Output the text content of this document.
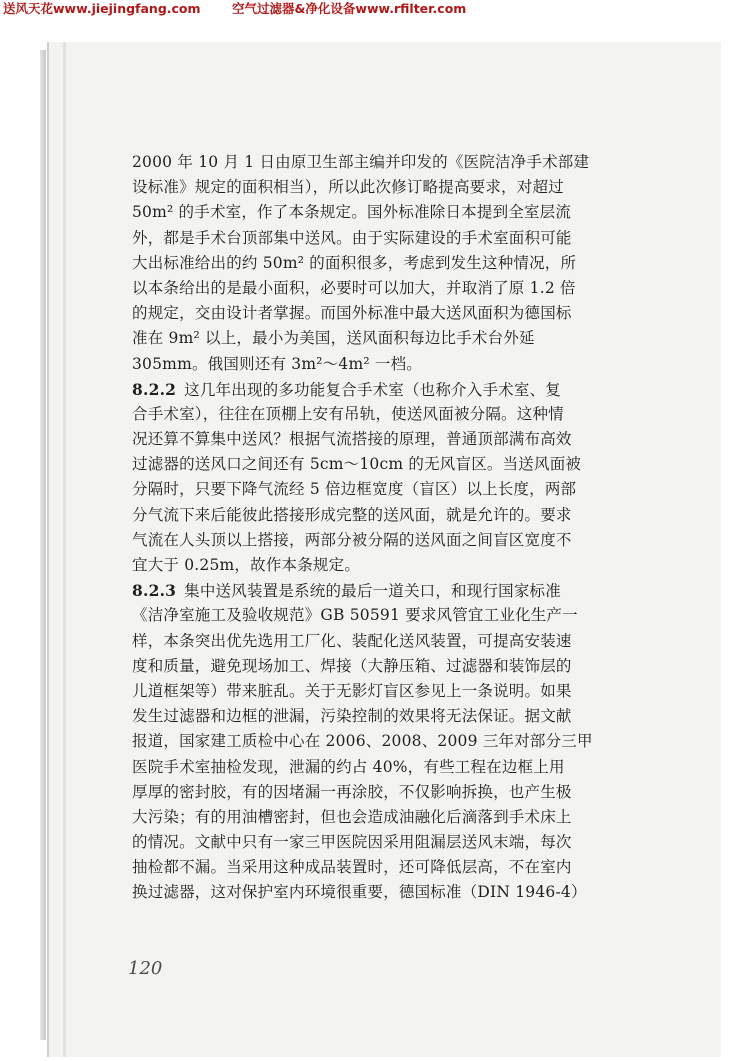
送风天花www.jiejingfang.com	空气过滤器&净化设备www.rfilter.com
2000 年 10 月 1 日由原卫生部主编并印发的《医院洁净手术部建
设标准》规定的面积相当），所以此次修订略提高要求，对超过
50m² 的手术室，作了本条规定。国外标准除日本提到全室层流
外，都是手术台顶部集中送风。由于实际建设的手术室面积可能
大出标准给出的约 50m² 的面积很多，考虑到发生这种情况，所
以本条给出的是最小面积，必要时可以加大，并取消了原 1.2 倍
的规定，交由设计者掌握。而国外标准中最大送风面积为德国标
准在 9m² 以上，最小为美国，送风面积每边比手术台外延
305mm。俄国则还有 3m²～4m² 一档。
8.2.2 这几年出现的多功能复合手术室（也称介入手术室、复
合手术室），往往在顶棚上安有吊轨，使送风面被分隔。这种情
况还算不算集中送风？根据气流搭接的原理，普通顶部满布高效
过滤器的送风口之间还有 5cm～10cm 的无风盲区。当送风面被
分隔时，只要下降气流经 5 倍边框宽度（盲区）以上长度，两部
分气流下来后能彼此搭接形成完整的送风面，就是允许的。要求
气流在人头顶以上搭接，两部分被分隔的送风面之间盲区宽度不
宜大于 0.25m，故作本条规定。
8.2.3 集中送风装置是系统的最后一道关口，和现行国家标准
《洁净室施工及验收规范》GB 50591 要求风管宜工业化生产一
样，本条突出优先选用工厂化、装配化送风装置，可提高安装速
度和质量，避免现场加工、焊接（大静压箱、过滤器和装饰层的
儿道框架等）带来脏乱。关于无影灯盲区参见上一条说明。如果
发生过滤器和边框的泄漏，污染控制的效果将无法保证。据文献
报道，国家建工质检中心在 2006、2008、2009 三年对部分三甲
医院手术室抽检发现，泄漏的约占 40%，有些工程在边框上用
厚厚的密封胶，有的因堵漏一再涂胶，不仅影响拆换，也产生极
大污染；有的用油槽密封，但也会造成油融化后滴落到手术床上
的情况。文献中只有一家三甲医院因采用阻漏层送风末端，每次
抽检都不漏。当采用这种成品装置时，还可降低层高，不在室内
换过滤器，这对保护室内环境很重要，德国标准（DIN 1946-4）
120
